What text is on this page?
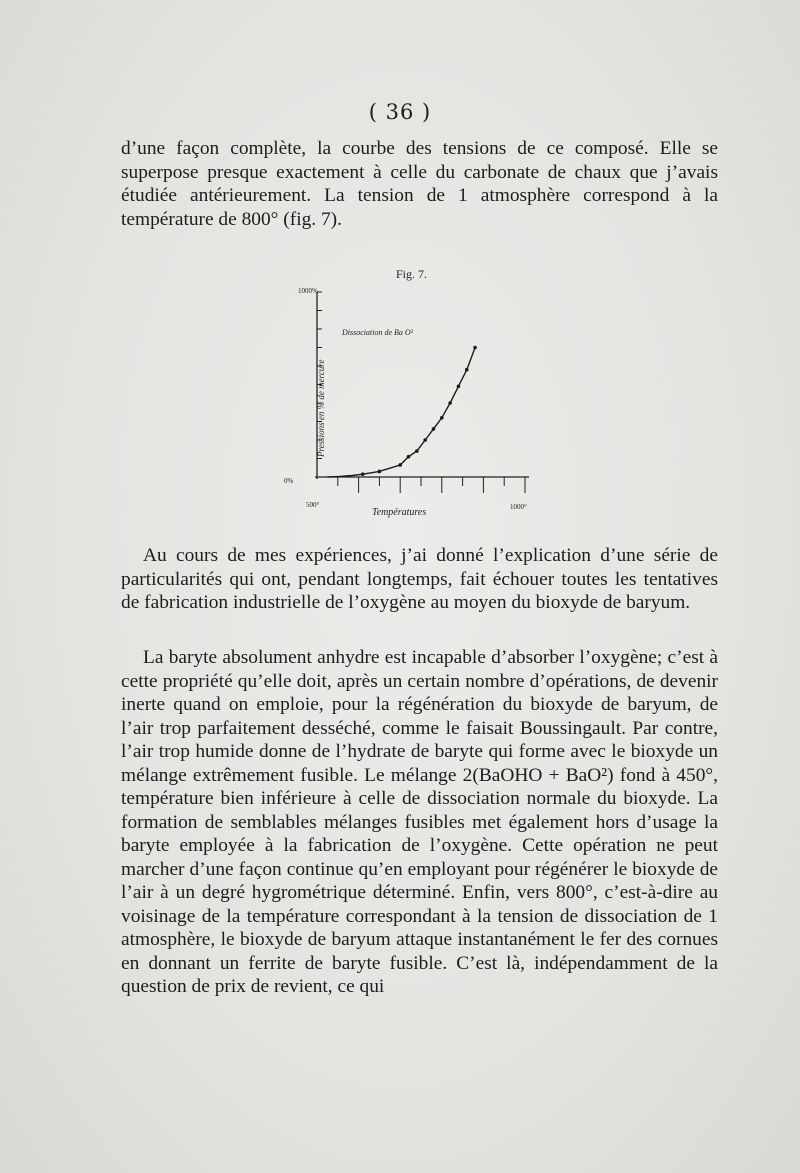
( 36 )

d’une façon complète, la courbe des tensions de ce composé. Elle se superpose presque exactement à celle du carbonate de chaux que j’avais étudiée antérieurement. La tension de 1 atmosphère correspond à la température de 800° (fig. 7).

Fig. 7.
Dissociation de Ba O²
Températures
Pressions en % de mercure
0%
1000%
500°	1000°

Au cours de mes expériences, j’ai donné l’explication d’une série de particularités qui ont, pendant longtemps, fait échouer toutes les tentatives de fabrication industrielle de l’oxygène au moyen du bioxyde de baryum.

La baryte absolument anhydre est incapable d’absorber l’oxygène; c’est à cette propriété qu’elle doit, après un certain nombre d’opérations, de devenir inerte quand on emploie, pour la régénération du bioxyde de baryum, de l’air trop parfaitement desséché, comme le faisait Boussingault. Par contre, l’air trop humide donne de l’hydrate de baryte qui forme avec le bioxyde un mélange extrêmement fusible. Le mélange 2(BaOHO + BaO²) fond à 450°, température bien inférieure à celle de dissociation normale du bioxyde. La formation de semblables mélanges fusibles met également hors d’usage la baryte employée à la fabrication de l’oxygène. Cette opération ne peut marcher d’une façon continue qu’en employant pour régénérer le bioxyde de l’air à un degré hygrométrique déterminé. Enfin, vers 800°, c’est-à-dire au voisinage de la température correspondant à la tension de dissociation de 1 atmosphère, le bioxyde de baryum attaque instantanément le fer des cornues en donnant un ferrite de baryte fusible. C’est là, indépendamment de la question de prix de revient, ce qui
